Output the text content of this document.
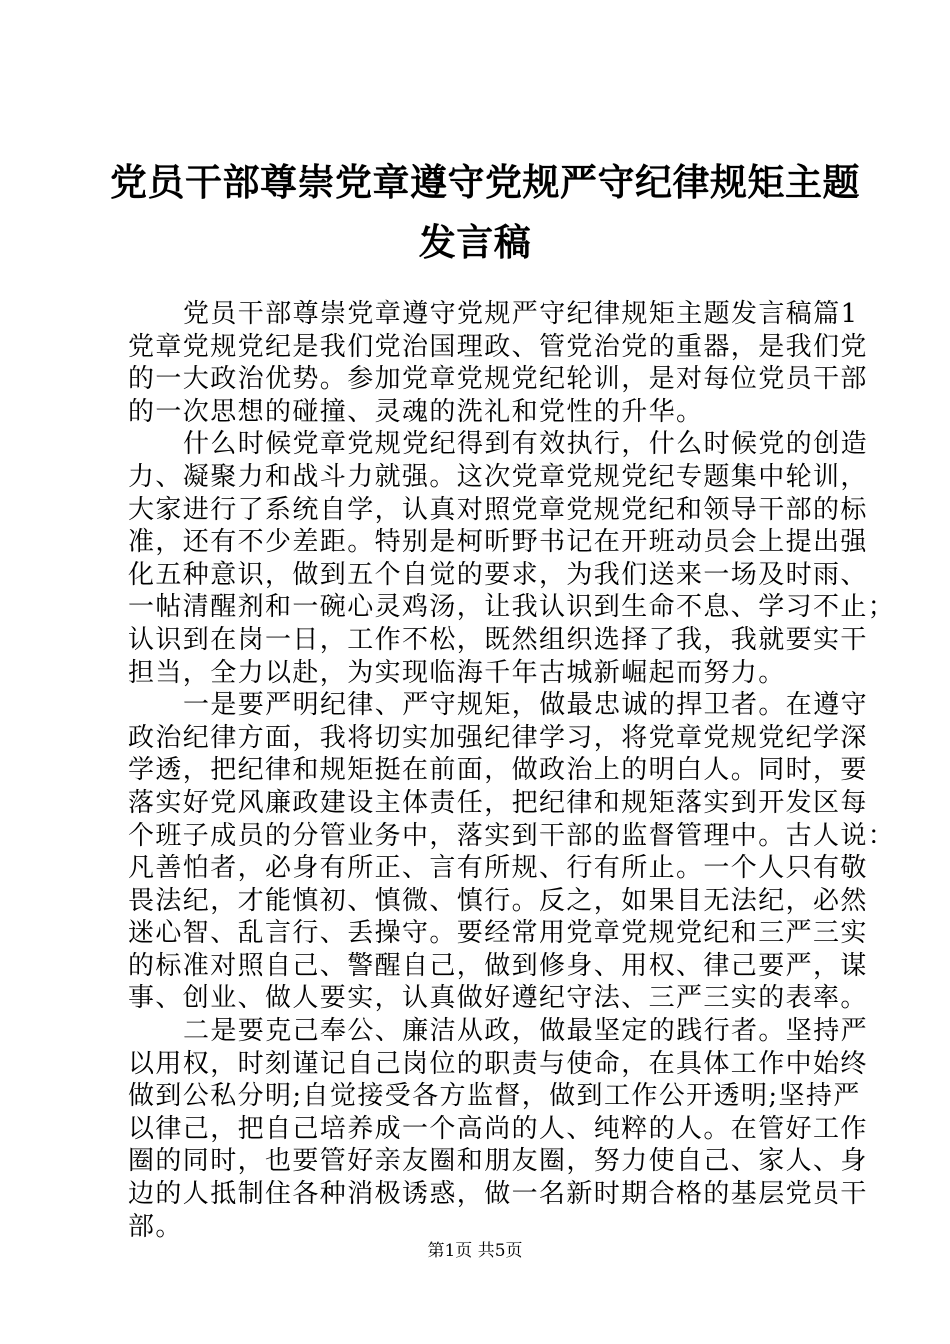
党员干部尊崇党章遵守党规严守纪律规矩主题
发言稿
党员干部尊崇党章遵守党规严守纪律规矩主题发言稿篇1
党章党规党纪是我们党治国理政、管党治党的重器，是我们党
的一大政治优势。参加党章党规党纪轮训，是对每位党员干部
的一次思想的碰撞、灵魂的洗礼和党性的升华。
什么时候党章党规党纪得到有效执行，什么时候党的创造
力、凝聚力和战斗力就强。这次党章党规党纪专题集中轮训，
大家进行了系统自学，认真对照党章党规党纪和领导干部的标
准，还有不少差距。特别是柯昕野书记在开班动员会上提出强
化五种意识，做到五个自觉的要求，为我们送来一场及时雨、
一帖清醒剂和一碗心灵鸡汤，让我认识到生命不息、学习不止；
认识到在岗一日，工作不松，既然组织选择了我，我就要实干
担当，全力以赴，为实现临海千年古城新崛起而努力。
一是要严明纪律、严守规矩，做最忠诚的捍卫者。在遵守
政治纪律方面，我将切实加强纪律学习，将党章党规党纪学深
学透，把纪律和规矩挺在前面，做政治上的明白人。同时，要
落实好党风廉政建设主体责任，把纪律和规矩落实到开发区每
个班子成员的分管业务中，落实到干部的监督管理中。古人说：
凡善怕者，必身有所正、言有所规、行有所止。一个人只有敬
畏法纪，才能慎初、慎微、慎行。反之，如果目无法纪，必然
迷心智、乱言行、丢操守。要经常用党章党规党纪和三严三实
的标准对照自己、警醒自己，做到修身、用权、律己要严，谋
事、创业、做人要实，认真做好遵纪守法、三严三实的表率。
二是要克己奉公、廉洁从政，做最坚定的践行者。坚持严
以用权，时刻谨记自己岗位的职责与使命，在具体工作中始终
做到公私分明;自觉接受各方监督，做到工作公开透明;坚持严
以律己，把自己培养成一个高尚的人、纯粹的人。在管好工作
圈的同时，也要管好亲友圈和朋友圈，努力使自己、家人、身
边的人抵制住各种消极诱惑，做一名新时期合格的基层党员干
部。
第1页 共5页
